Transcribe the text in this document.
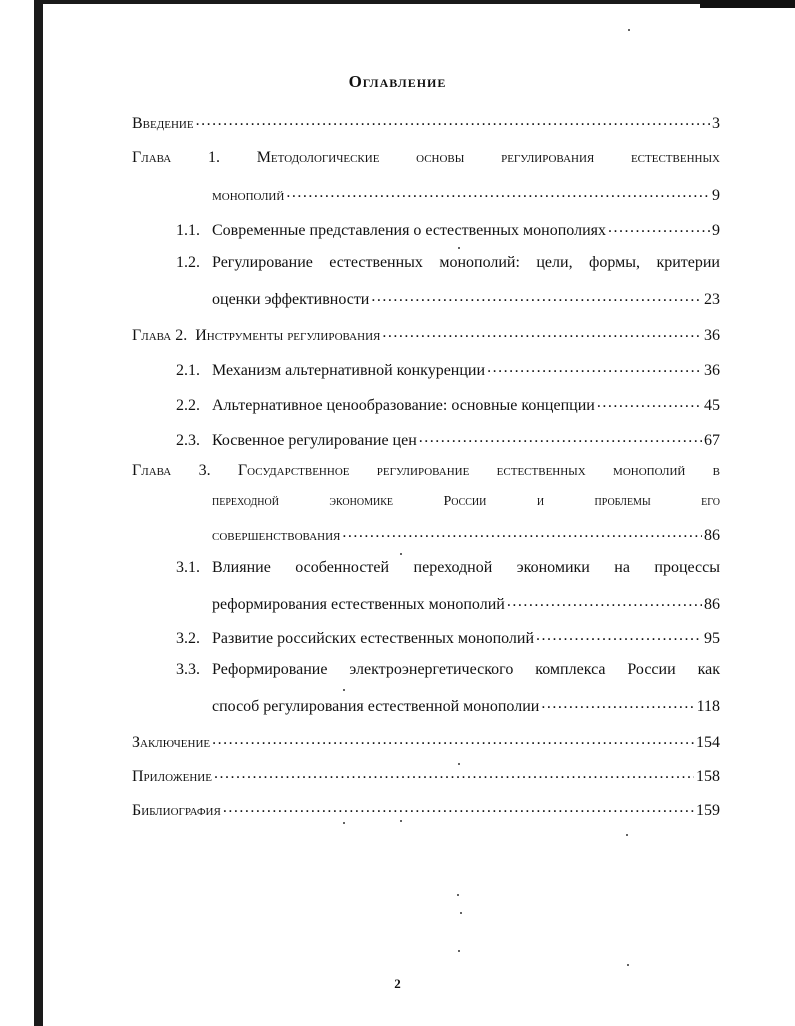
Оглавление
Введение .....	3
Глава 1. Методологические основы регулирования естественных
монополий .....	9
1.1. Современные представления о естественных монополиях .....	9
1.2. Регулирование естественных монополий: цели, формы, критерии
оценки эффективности .....	23
Глава 2. Инструменты регулирования .....	36
2.1. Механизм альтернативной конкуренции .....	36
2.2. Альтернативное ценообразование: основные концепции .....	45
2.3. Косвенное регулирование цен .....	67
Глава 3. Государственное регулирование естественных монополий в
переходной экономике России и проблемы его
совершенствования .....	86
3.1. Влияние особенностей переходной экономики на процессы
реформирования естественных монополий .....	86
3.2. Развитие российских естественных монополий .....	95
3.3. Реформирование электроэнергетического комплекса России как
способ регулирования естественной монополии .....	118
Заключение .....	154
Приложение .....	158
Библиография .....	159
2
